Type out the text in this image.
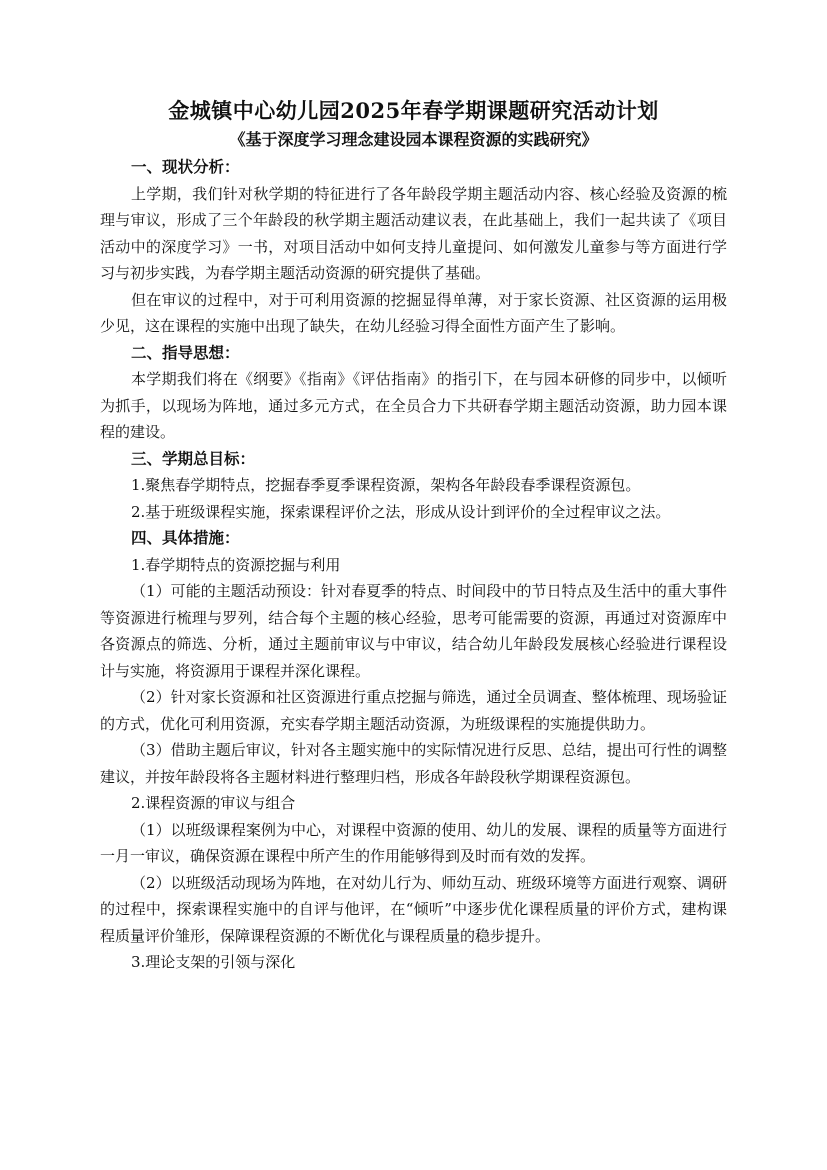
金城镇中心幼儿园2025年春学期课题研究活动计划

《基于深度学习理念建设园本课程资源的实践研究》

一、现状分析：

上学期，我们针对秋学期的特征进行了各年龄段学期主题活动内容、核心经验及资源的梳理与审议，形成了三个年龄段的秋学期主题活动建议表，在此基础上，我们一起共读了《项目活动中的深度学习》一书，对项目活动中如何支持儿童提问、如何激发儿童参与等方面进行学习与初步实践，为春学期主题活动资源的研究提供了基础。

但在审议的过程中，对于可利用资源的挖掘显得单薄，对于家长资源、社区资源的运用极少见，这在课程的实施中出现了缺失，在幼儿经验习得全面性方面产生了影响。

二、指导思想：

本学期我们将在《纲要》《指南》《评估指南》的指引下，在与园本研修的同步中，以倾听为抓手，以现场为阵地，通过多元方式，在全员合力下共研春学期主题活动资源，助力园本课程的建设。

三、学期总目标：

1.聚焦春学期特点，挖掘春季夏季课程资源，架构各年龄段春季课程资源包。

2.基于班级课程实施，探索课程评价之法，形成从设计到评价的全过程审议之法。

四、具体措施：

1.春学期特点的资源挖掘与利用

（1）可能的主题活动预设：针对春夏季的特点、时间段中的节日特点及生活中的重大事件等资源进行梳理与罗列，结合每个主题的核心经验，思考可能需要的资源，再通过对资源库中各资源点的筛选、分析，通过主题前审议与中审议，结合幼儿年龄段发展核心经验进行课程设计与实施，将资源用于课程并深化课程。

（2）针对家长资源和社区资源进行重点挖掘与筛选，通过全员调查、整体梳理、现场验证的方式，优化可利用资源，充实春学期主题活动资源，为班级课程的实施提供助力。

（3）借助主题后审议，针对各主题实施中的实际情况进行反思、总结，提出可行性的调整建议，并按年龄段将各主题材料进行整理归档，形成各年龄段秋学期课程资源包。

2.课程资源的审议与组合

（1）以班级课程案例为中心，对课程中资源的使用、幼儿的发展、课程的质量等方面进行一月一审议，确保资源在课程中所产生的作用能够得到及时而有效的发挥。

（2）以班级活动现场为阵地，在对幼儿行为、师幼互动、班级环境等方面进行观察、调研的过程中，探索课程实施中的自评与他评，在“倾听”中逐步优化课程质量的评价方式，建构课程质量评价雏形，保障课程资源的不断优化与课程质量的稳步提升。

3.理论支架的引领与深化
